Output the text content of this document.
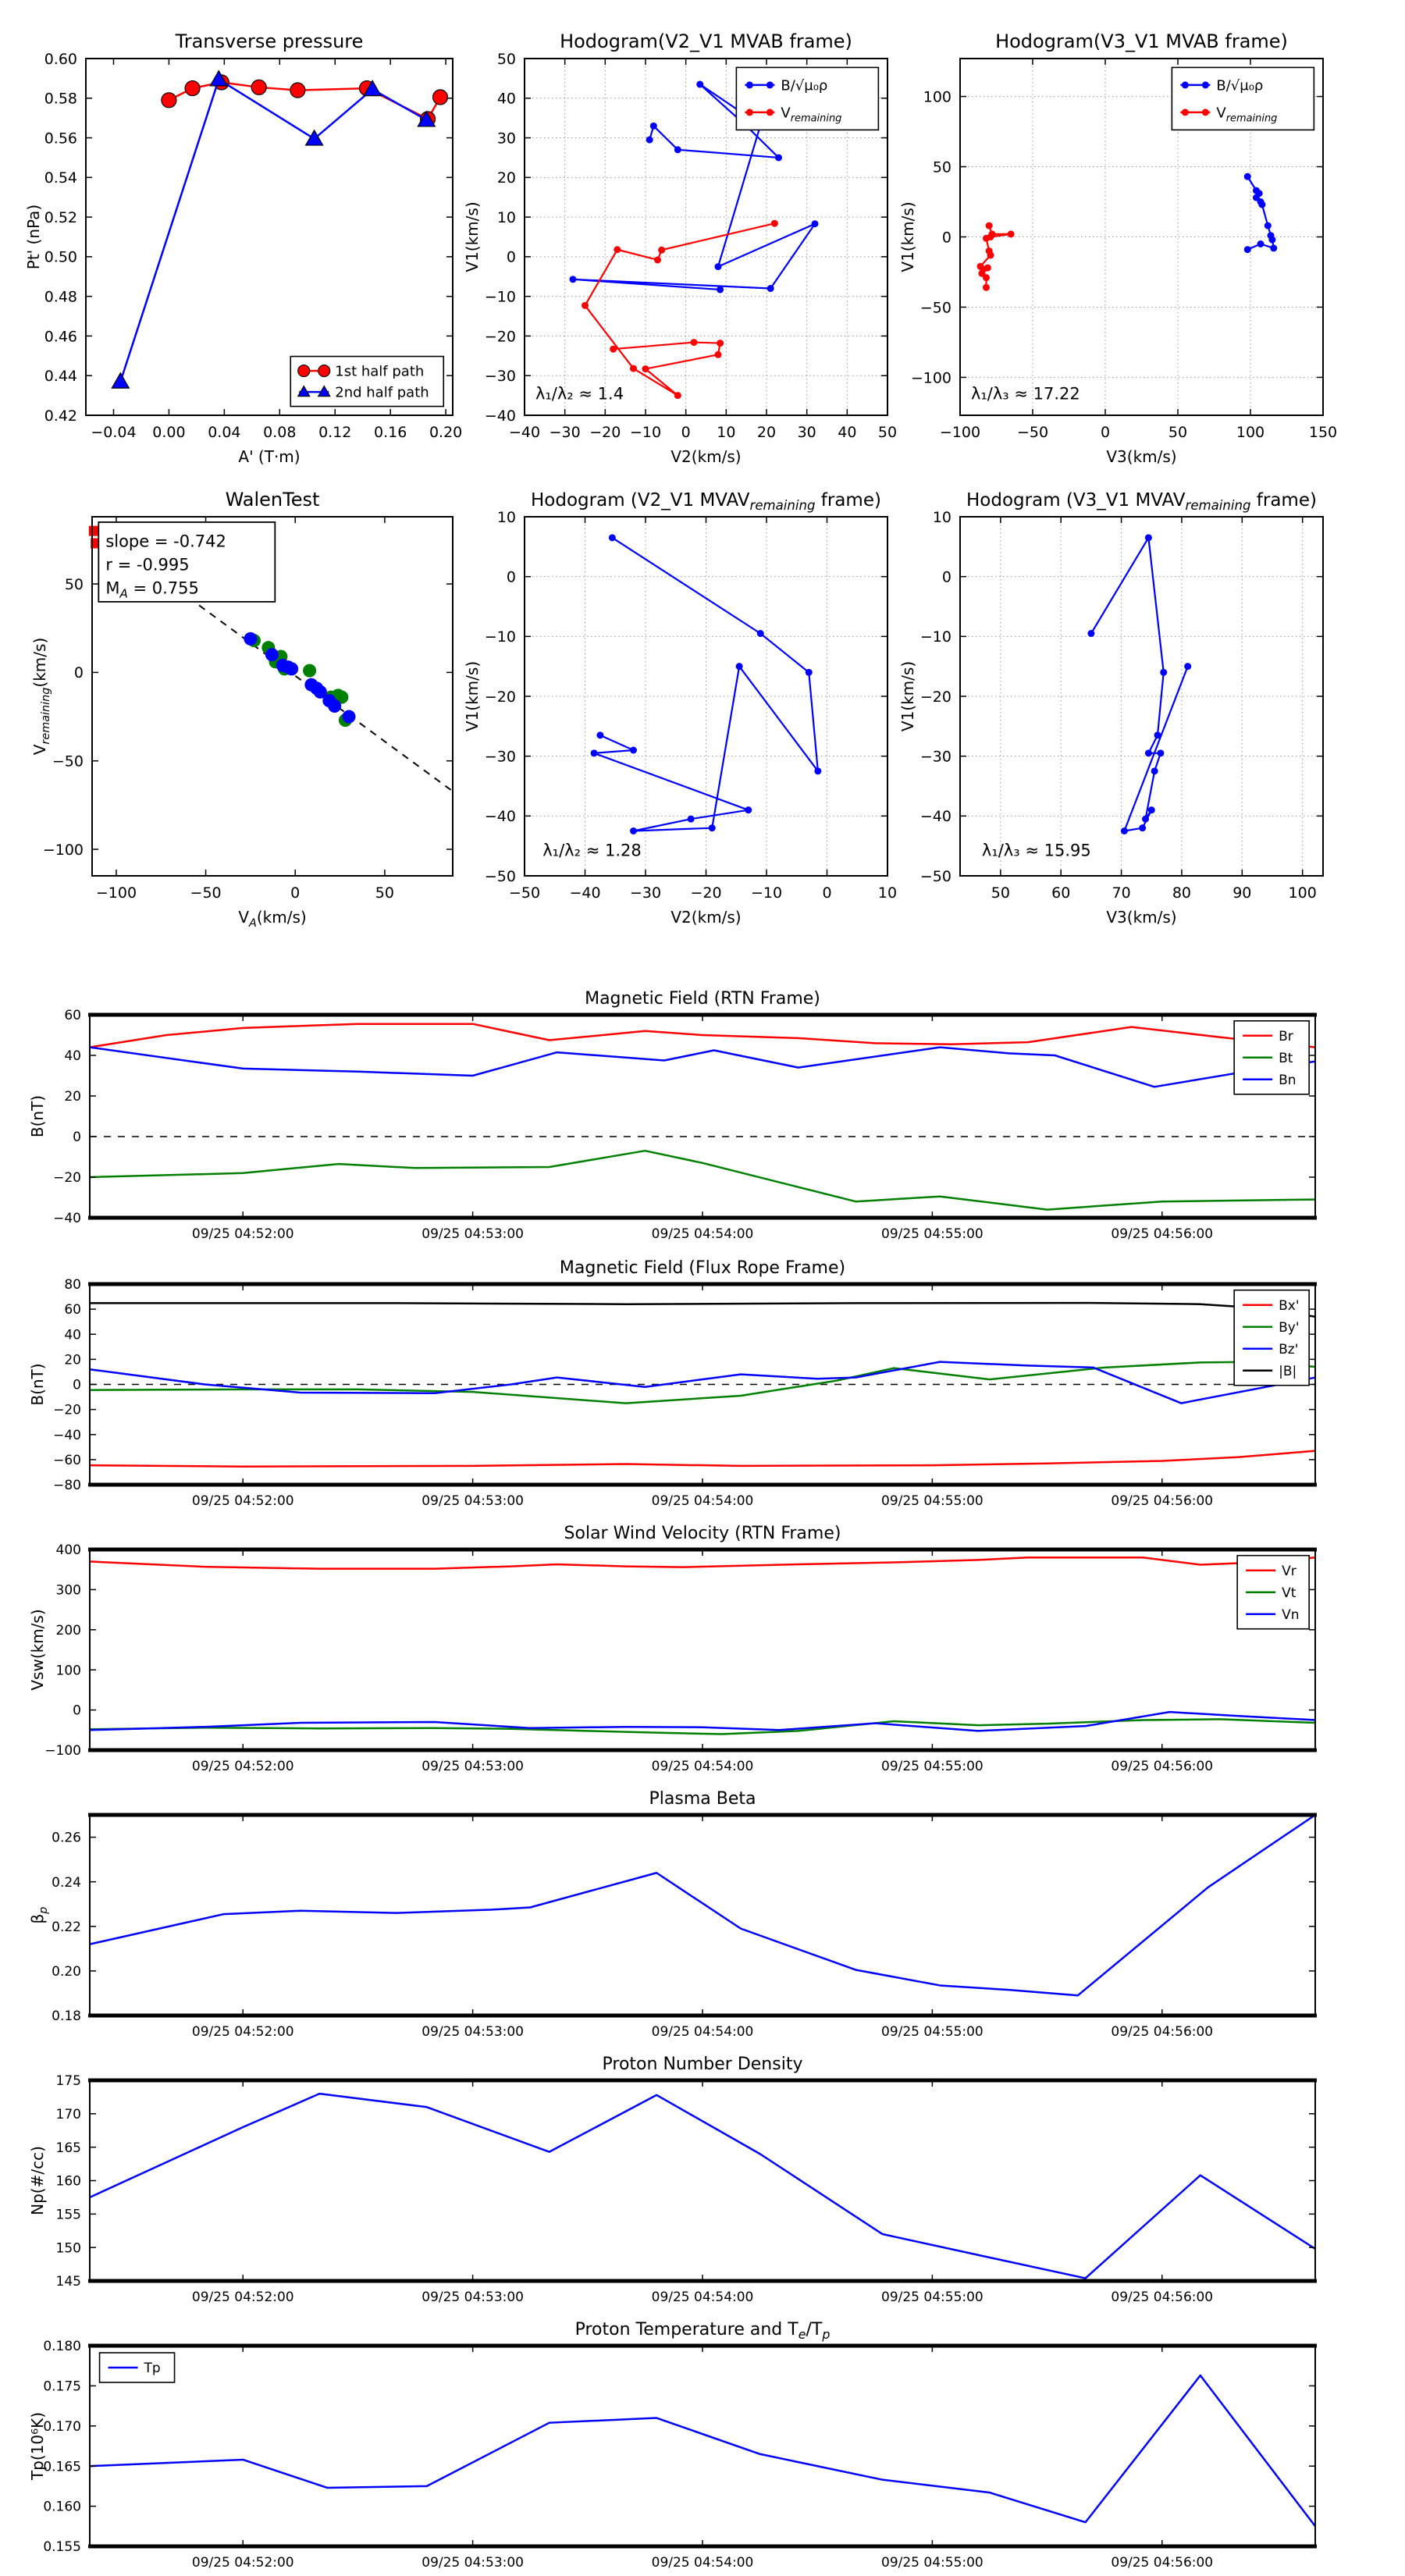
−0.04 0.00 0.04 0.08 0.12 0.16 0.20
0.42
0.44
0.46
0.48
0.50
0.52
0.54
0.56
0.58
0.60
Transverse pressure
A' (T·m)
Pt' (nPa)
1st half path
2nd half path
−40 −30 −20 −10 0 10 20 30 40 50
−40
−30
−20
−10
0
10
20
30
40
50
Hodogram(V2_V1 MVAB frame)
V2(km/s)
V1(km/s)
B/√μ₀ρ
$V_{remaining}$
λ₁/λ₂ ≈ 1.4
−100 −50	0	50	100	150
−100
−50
0
50
100
Hodogram(V3_V1 MVAB frame)
V3(km/s)
V1(km/s)
B/√μ₀ρ
$V_{remaining}$
λ₁/λ₃ ≈ 17.22
−100	−50	0	50
−100
−50
0
50
WalenTest
$V_A(km/s)$
$V_{remaining}(km/s)$
slope = -0.742
r = -0.995
$M_A = 0.755$
−50 −40 −30 −20 −10	0	10
−50
−40
−30
−20
−10
0
10
Hodogram (V2_V1 $MVAV_{remaining}$ frame)
V2(km/s)
V1(km/s)
λ₁/λ₂ ≈ 1.28
50	60	70	80	90 100
−50
−40
−30
−20
−10
0
10
Hodogram (V3_V1 $MVAV_{remaining}$ frame)
V3(km/s)
V1(km/s)
λ₁/λ₃ ≈ 15.95
09/25 04:52:00	09/25 04:53:00	09/25 04:54:00	09/25 04:55:00	09/25 04:56:00
−40
−20
0
20
40
60
Magnetic Field (RTN Frame)
B(nT)
Br
Bt
Bn
09/25 04:52:00	09/25 04:53:00	09/25 04:54:00	09/25 04:55:00	09/25 04:56:00
−80
−60
−40
−20
0
20
40
60
80
Magnetic Field (Flux Rope Frame)
B(nT)
Bx'
By'
Bz'
|B|
09/25 04:52:00	09/25 04:53:00	09/25 04:54:00	09/25 04:55:00	09/25 04:56:00
−100
0
100
200
300
400
Solar Wind Velocity (RTN Frame)
Vsw(km/s)
Vr
Vt
Vn
09/25 04:52:00	09/25 04:53:00	09/25 04:54:00	09/25 04:55:00	09/25 04:56:00
0.18
0.20
0.22
0.24
0.26
Plasma Beta
$\beta_p$
09/25 04:52:00	09/25 04:53:00	09/25 04:54:00	09/25 04:55:00	09/25 04:56:00
145
150
155
160
165
170
175
Proton Number Density
Np(#/cc)
09/25 04:52:00	09/25 04:53:00	09/25 04:54:00	09/25 04:55:00	09/25 04:56:00
0.155
0.160
0.165
0.170
0.175
0.180
Proton Temperature and $T_e/T_p$
Tp(10⁶K)
Tp
